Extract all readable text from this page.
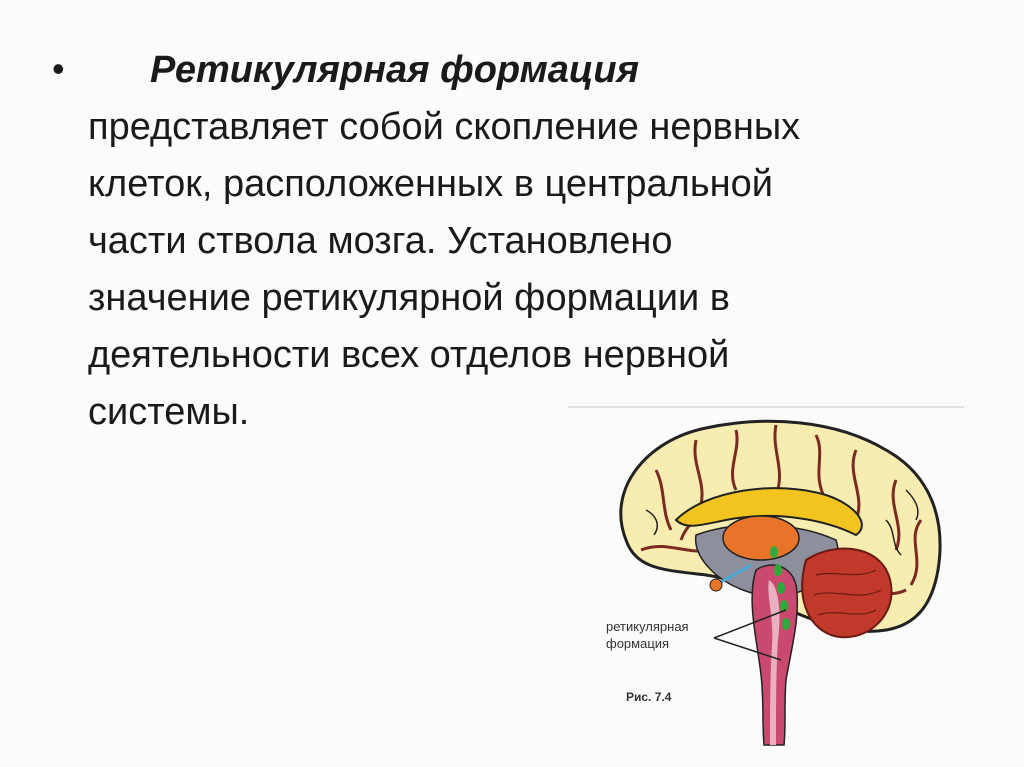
•	Ретикулярная формация
представляет собой скопление нервных
клеток, расположенных в центральной
части ствола мозга. Установлено
значение ретикулярной формации в
деятельности всех отделов нервной
системы.
ретикулярная
формация
Рис. 7.4
